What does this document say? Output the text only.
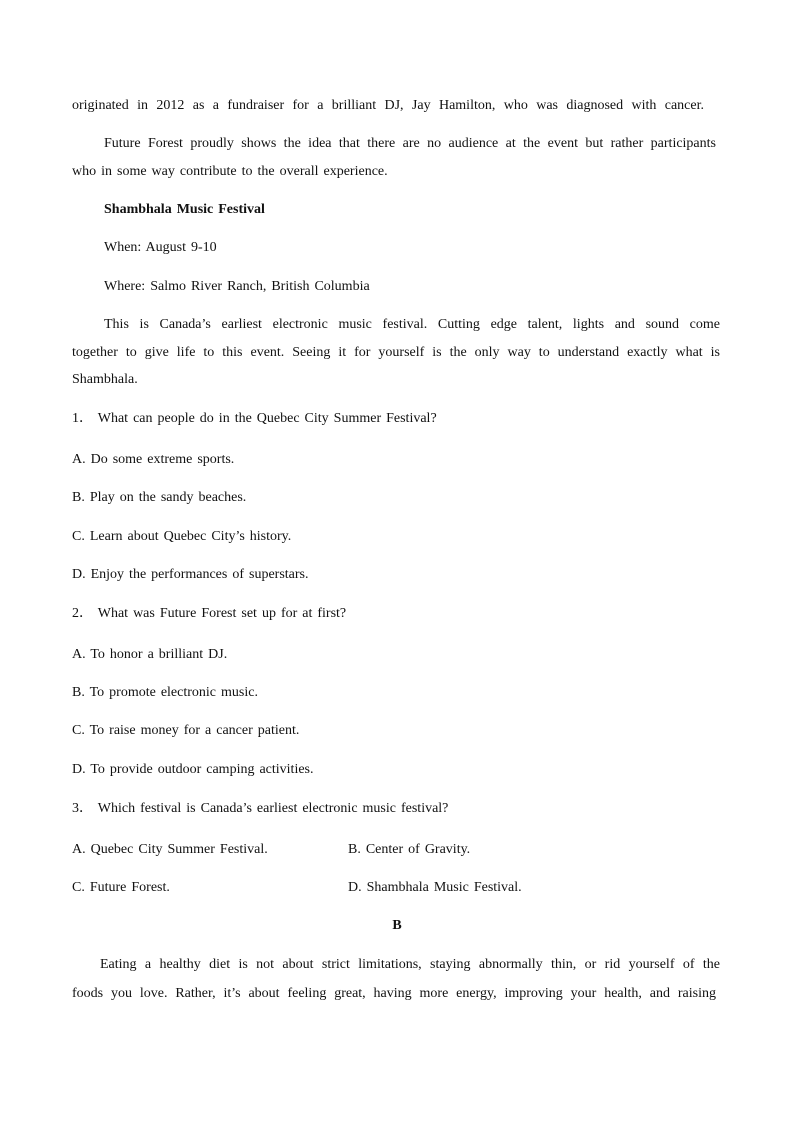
originated in 2012 as a fundraiser for a brilliant DJ, Jay Hamilton, who was diagnosed with cancer.
Future Forest proudly shows the idea that there are no audience at the event but rather participants
who in some way contribute to the overall experience.
Shambhala Music Festival
When: August 9-10
Where: Salmo River Ranch, British Columbia
This is Canada’s earliest electronic music festival. Cutting edge talent, lights and sound come
together to give life to this event. Seeing it for yourself is the only way to understand exactly what is
Shambhala.
1． What can people do in the Quebec City Summer Festival?
A. Do some extreme sports.
B. Play on the sandy beaches.
C. Learn about Quebec City’s history.
D. Enjoy the performances of superstars.
2． What was Future Forest set up for at first?
A. To honor a brilliant DJ.
B. To promote electronic music.
C. To raise money for a cancer patient.
D. To provide outdoor camping activities.
3． Which festival is Canada’s earliest electronic music festival?
A. Quebec City Summer Festival.	B. Center of Gravity.
C. Future Forest.	D. Shambhala Music Festival.
B
Eating a healthy diet is not about strict limitations, staying abnormally thin, or rid yourself of the
foods you love. Rather, it’s about feeling great, having more energy, improving your health, and raising
